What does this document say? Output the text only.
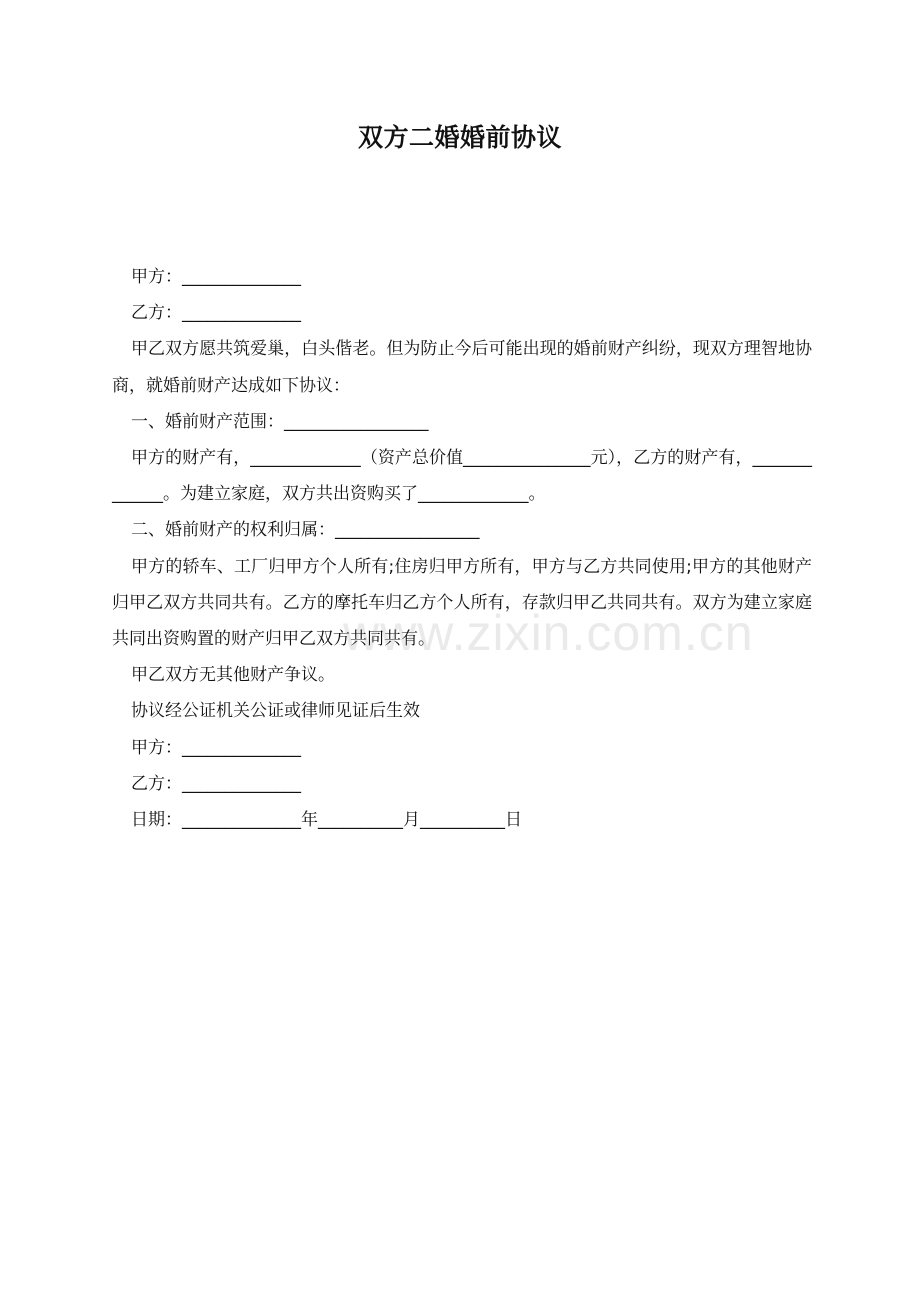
双方二婚婚前协议

甲方：______________

乙方：______________

甲乙双方愿共筑爱巢，白头偕老。但为防止今后可能出现的婚前财产纠纷，现双方理智地协商，就婚前财产达成如下协议：

一、婚前财产范围：_________________

甲方的财产有，_____________（资产总价值_______________元），乙方的财产有，_____________。为建立家庭，双方共出资购买了_____________。

二、婚前财产的权利归属：_________________

甲方的轿车、工厂归甲方个人所有;住房归甲方所有，甲方与乙方共同使用;甲方的其他财产归甲乙双方共同共有。乙方的摩托车归乙方个人所有，存款归甲乙共同共有。双方为建立家庭共同出资购置的财产归甲乙双方共同共有。

甲乙双方无其他财产争议。

协议经公证机关公证或律师见证后生效

甲方：______________

乙方：______________

日期：______________年__________月__________日

www.zixin.com.cn
